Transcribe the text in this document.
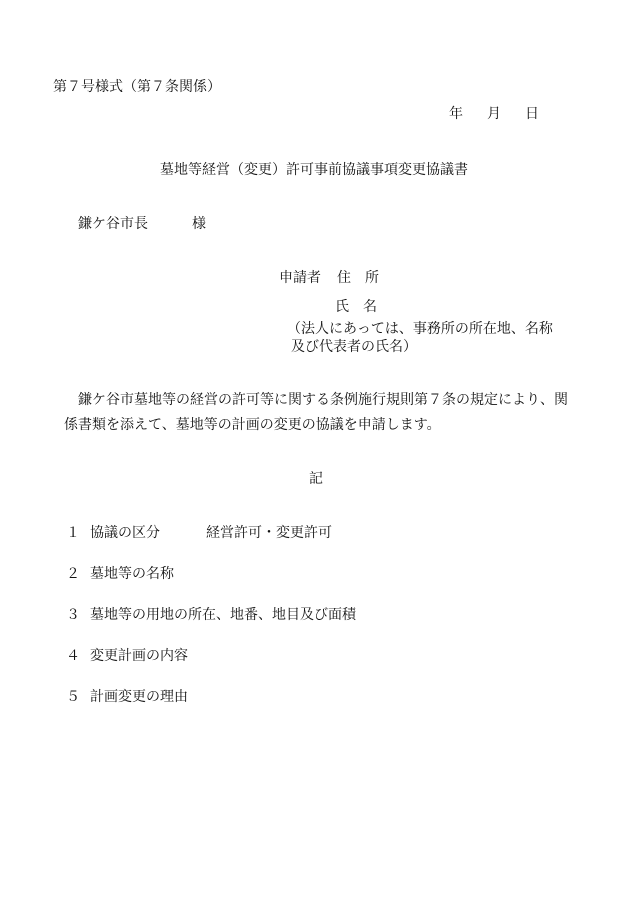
第７号様式（第７条関係）
年 月 日
墓地等経営（変更）許可事前協議事項変更協議書
鎌ケ谷市長	様
申請者 住　所
氏　名
（法人にあっては、事務所の所在地、名称
及び代表者の氏名）
鎌ケ谷市墓地等の経営の許可等に関する条例施行規則第７条の規定により、関係書類を添えて、墓地等の計画の変更の協議を申請します。
記
１ 協議の区分	経営許可・変更許可
２ 墓地等の名称
３ 墓地等の用地の所在、地番、地目及び面積
４ 変更計画の内容
５ 計画変更の理由
